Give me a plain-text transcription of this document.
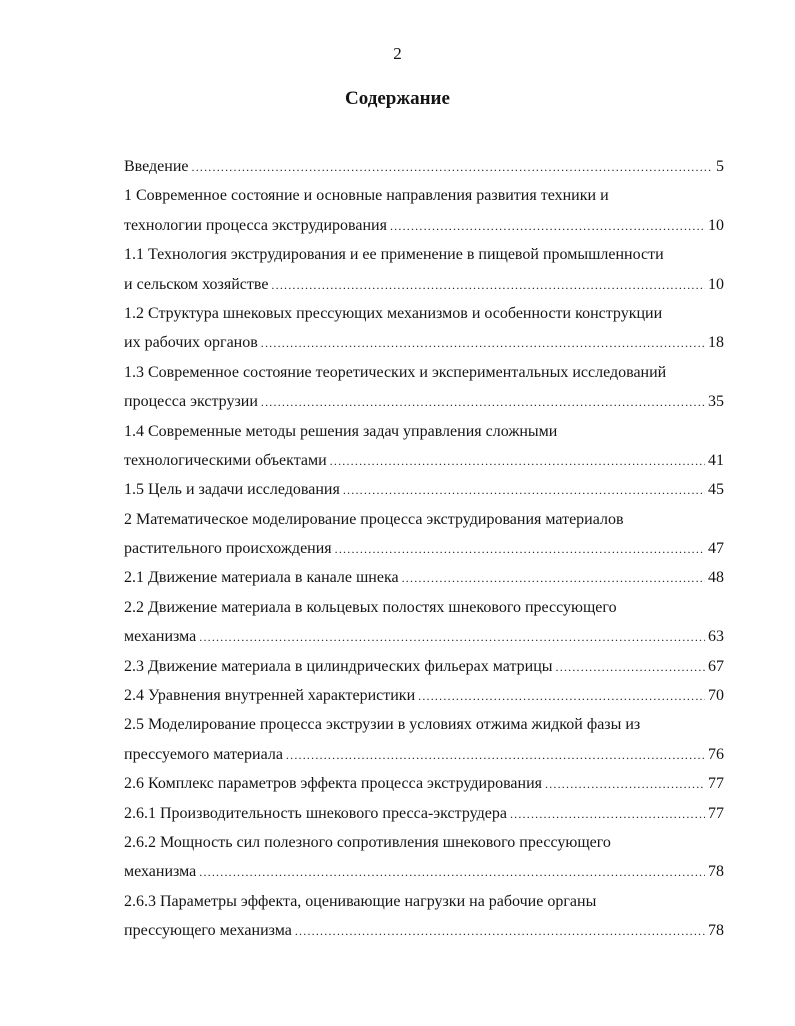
2
Содержание
Введение .....	5
1 Современное состояние и основные направления развития техники и
технологии процесса экструдирования .....	10
1.1 Технология экструдирования и ее применение в пищевой промышленности
и сельском хозяйстве .....	10
1.2 Структура шнековых прессующих механизмов и особенности конструкции
их рабочих органов .....	18
1.3 Современное состояние теоретических и экспериментальных исследований
процесса экструзии .....	35
1.4 Современные методы решения задач управления сложными
технологическими объектами .....	41
1.5 Цель и задачи исследования .....	45
2 Математическое моделирование процесса экструдирования материалов
растительного происхождения .....	47
2.1 Движение материала в канале шнека .....	48
2.2 Движение материала в кольцевых полостях шнекового прессующего
механизма .....	63
2.3 Движение материала в цилиндрических фильерах матрицы .....	67
2.4 Уравнения внутренней характеристики .....	70
2.5 Моделирование процесса экструзии в условиях отжима жидкой фазы из
прессуемого материала .....	76
2.6 Комплекс параметров эффекта процесса экструдирования .....	77
2.6.1 Производительность шнекового пресса-экструдера .....	77
2.6.2 Мощность сил полезного сопротивления шнекового прессующего
механизма .....	78
2.6.3 Параметры эффекта, оценивающие нагрузки на рабочие органы
прессующего механизма .....	78
